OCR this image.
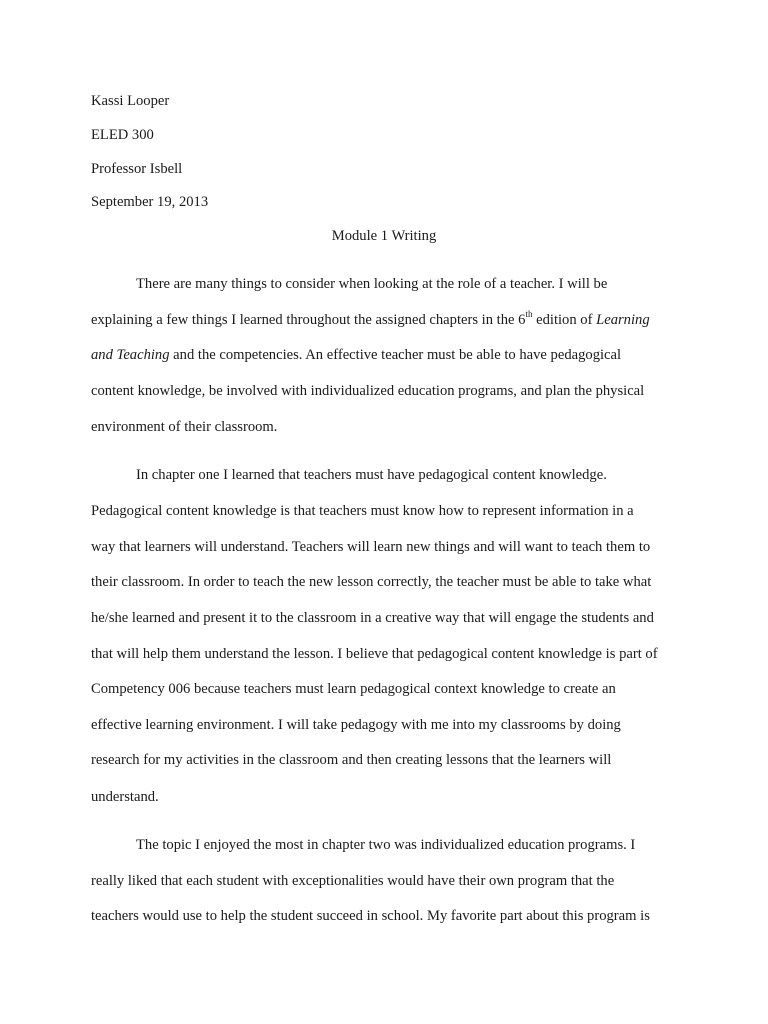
Kassi Looper
ELED 300
Professor Isbell
September 19, 2013
Module 1 Writing
There are many things to consider when looking at the role of a teacher. I will be
explaining a few things I learned throughout the assigned chapters in the 6th edition of Learning
and Teaching and the competencies. An effective teacher must be able to have pedagogical
content knowledge, be involved with individualized education programs, and plan the physical
environment of their classroom.
In chapter one I learned that teachers must have pedagogical content knowledge.
Pedagogical content knowledge is that teachers must know how to represent information in a
way that learners will understand. Teachers will learn new things and will want to teach them to
their classroom. In order to teach the new lesson correctly, the teacher must be able to take what
he/she learned and present it to the classroom in a creative way that will engage the students and
that will help them understand the lesson. I believe that pedagogical content knowledge is part of
Competency 006 because teachers must learn pedagogical context knowledge to create an
effective learning environment. I will take pedagogy with me into my classrooms by doing
research for my activities in the classroom and then creating lessons that the learners will
understand.
The topic I enjoyed the most in chapter two was individualized education programs. I
really liked that each student with exceptionalities would have their own program that the
teachers would use to help the student succeed in school. My favorite part about this program is
